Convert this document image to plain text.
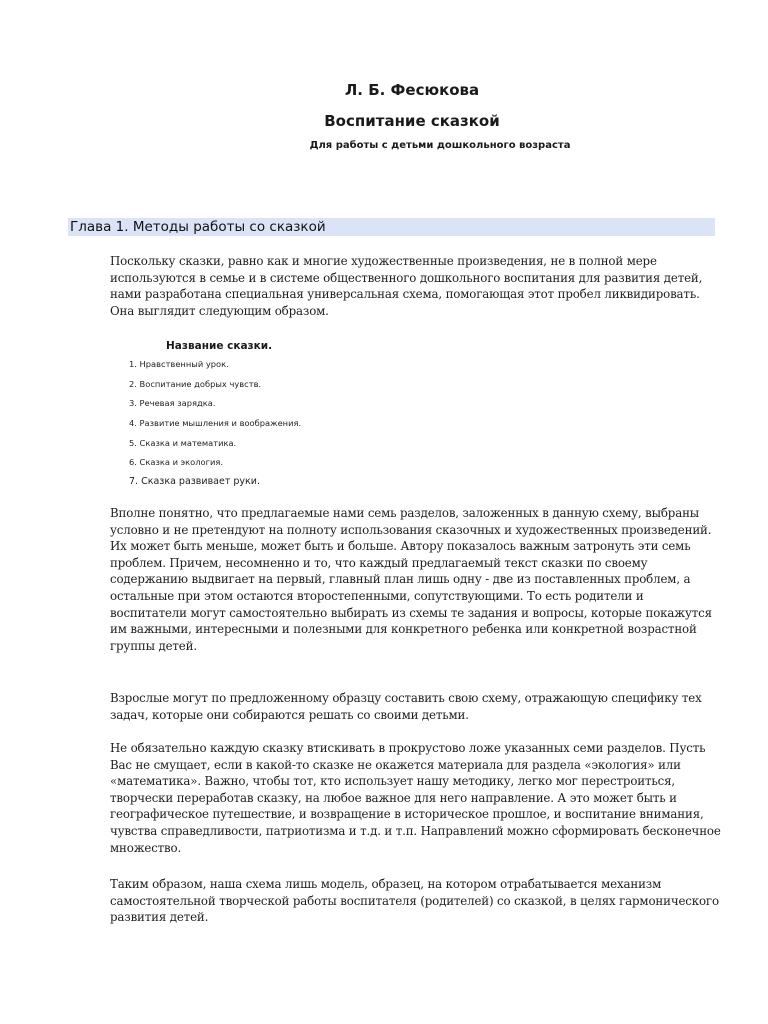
Л. Б. Фесюкова
Воспитание сказкой
Для работы с детьми дошкольного возраста
Глава 1. Методы работы со сказкой

Поскольку сказки, равно как и многие художественные произведения, не в полной мере используются в семье и в системе общественного дошкольного воспитания для развития детей, нами разработана специальная универсальная схема, помогающая этот пробел ликвидировать. Она выглядит следующим образом.

Название сказки.
1. Нравственный урок.
2. Воспитание добрых чувств.
3. Речевая зарядка.
4. Развитие мышления и воображения.
5. Сказка и математика.
6. Сказка и экология.
7. Сказка развивает руки.

Вполне понятно, что предлагаемые нами семь разделов, заложенных в данную схему, выбраны условно и не претендуют на полноту использования сказочных и художественных произведений. Их может быть меньше, может быть и больше. Автору показалось важным затронуть эти семь проблем. Причем, несомненно и то, что каждый предлагаемый текст сказки по своему содержанию выдвигает на первый, главный план лишь одну - две из поставленных проблем, а остальные при этом остаются второстепенными, сопутствующими. То есть родители и воспитатели могут самостоятельно выбирать из схемы те задания и вопросы, которые покажутся им важными, интересными и полезными для конкретного ребенка или конкретной возрастной группы детей.

Взрослые могут по предложенному образцу составить свою схему, отражающую специфику тех задач, которые они собираются решать со своими детьми.

Не обязательно каждую сказку втискивать в прокрустово ложе указанных семи разделов. Пусть Вас не смущает, если в какой-то сказке не окажется материала для раздела «экология» или «математика». Важно, чтобы тот, кто использует нашу методику, легко мог перестроиться, творчески переработав сказку, на любое важное для него направление. А это может быть и географическое путешествие, и возвращение в историческое прошлое, и воспитание внимания, чувства справедливости, патриотизма и т.д. и т.п. Направлений можно сформировать бесконечное множество.

Таким образом, наша схема лишь модель, образец, на котором отрабатывается механизм самостоятельной творческой работы воспитателя (родителей) со сказкой, в целях гармонического развития детей.
